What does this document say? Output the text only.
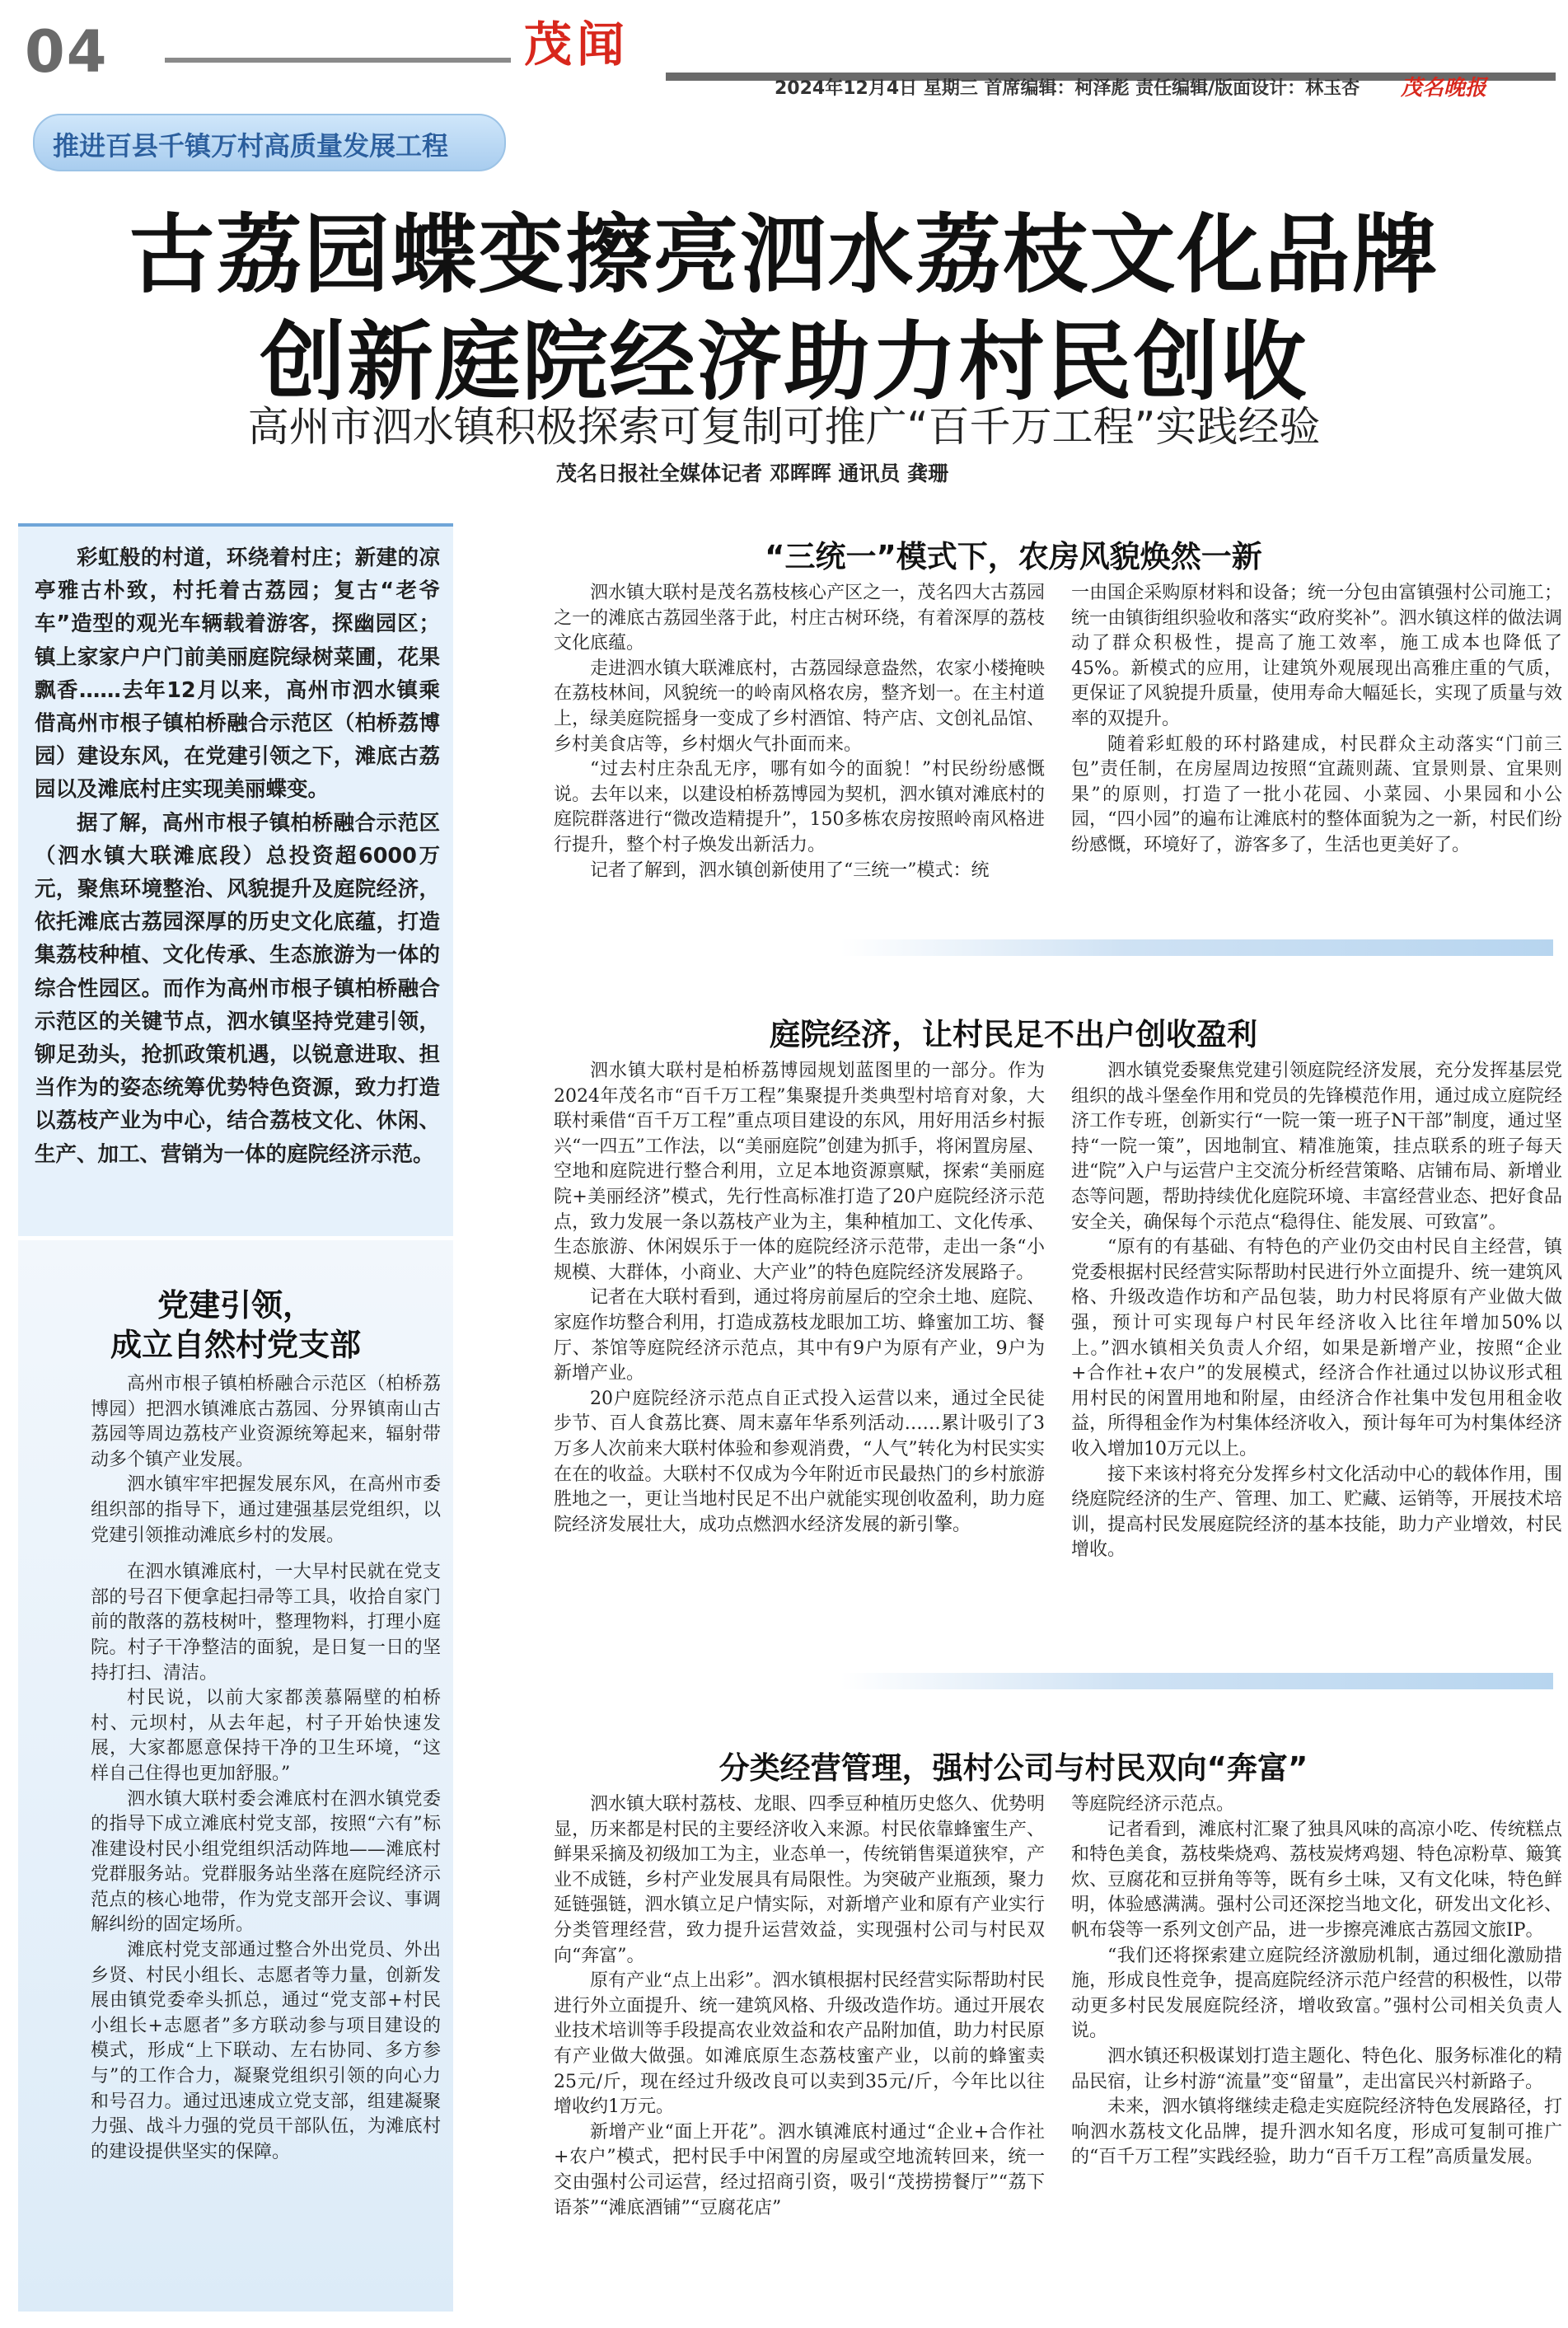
04	茂闻
2024年12月4日 星期三 首席编辑：柯泽彪 责任编辑/版面设计：林玉杏 茂名晚报
推进百县千镇万村高质量发展工程
古荔园蝶变擦亮泗水荔枝文化品牌
创新庭院经济助力村民创收
高州市泗水镇积极探索可复制可推广“百千万工程”实践经验
茂名日报社全媒体记者 邓晖晖 通讯员 龚珊

彩虹般的村道，环绕着村庄；新建的凉亭雅古朴致，村托着古荔园；复古“老爷车”造型的观光车辆载着游客，探幽园区；镇上家家户户门前美丽庭院绿树菜圃，花果飘香……去年12月以来，高州市泗水镇乘借高州市根子镇柏桥融合示范区（柏桥荔博园）建设东风，在党建引领之下，滩底古荔园以及滩底村庄实现美丽蝶变。

据了解，高州市根子镇柏桥融合示范区（泗水镇大联滩底段）总投资超6000万元，聚焦环境整治、风貌提升及庭院经济，依托滩底古荔园深厚的历史文化底蕴，打造集荔枝种植、文化传承、生态旅游为一体的综合性园区。而作为高州市根子镇柏桥融合示范区的关键节点，泗水镇坚持党建引领，铆足劲头，抢抓政策机遇，以锐意进取、担当作为的姿态统筹优势特色资源，致力打造以荔枝产业为中心，结合荔枝文化、休闲、生产、加工、营销为一体的庭院经济示范。

党建引领，
成立自然村党支部

高州市根子镇柏桥融合示范区（柏桥荔博园）把泗水镇滩底古荔园、分界镇南山古荔园等周边荔枝产业资源统筹起来，辐射带动多个镇产业发展。

泗水镇牢牢把握发展东风，在高州市委组织部的指导下，通过建强基层党组织，以党建引领推动滩底乡村的发展。

在泗水镇滩底村，一大早村民就在党支部的号召下便拿起扫帚等工具，收拾自家门前的散落的荔枝树叶，整理物料，打理小庭院。村子干净整洁的面貌，是日复一日的坚持打扫、清洁。

村民说，以前大家都羡慕隔壁的柏桥村、元坝村，从去年起，村子开始快速发展，大家都愿意保持干净的卫生环境，“这样自己住得也更加舒服。”

泗水镇大联村委会滩底村在泗水镇党委的指导下成立滩底村党支部，按照“六有”标准建设村民小组党组织活动阵地——滩底村党群服务站。党群服务站坐落在庭院经济示范点的核心地带，作为党支部开会议、事调解纠纷的固定场所。

滩底村党支部通过整合外出党员、外出乡贤、村民小组长、志愿者等力量，创新发展由镇党委牵头抓总，通过“党支部+村民小组长+志愿者”多方联动参与项目建设的模式，形成“上下联动、左右协同、多方参与”的工作合力，凝聚党组织引领的向心力和号召力。通过迅速成立党支部，组建凝聚力强、战斗力强的党员干部队伍，为滩底村的建设提供坚实的保障。

“三统一”模式下，农房风貌焕然一新

泗水镇大联村是茂名荔枝核心产区之一，茂名四大古荔园之一的滩底古荔园坐落于此，村庄古树环绕，有着深厚的荔枝文化底蕴。

走进泗水镇大联滩底村，古荔园绿意盎然，农家小楼掩映在荔枝林间，风貌统一的岭南风格农房，整齐划一。在主村道上，绿美庭院摇身一变成了乡村酒馆、特产店、文创礼品馆、乡村美食店等，乡村烟火气扑面而来。

“过去村庄杂乱无序，哪有如今的面貌！”村民纷纷感慨说。去年以来，以建设柏桥荔博园为契机，泗水镇对滩底村的庭院群落进行“微改造精提升”，150多栋农房按照岭南风格进行提升，整个村子焕发出新活力。

记者了解到，泗水镇创新使用了“三统一”模式：统

一由国企采购原材料和设备；统一分包由富镇强村公司施工；统一由镇街组织验收和落实“政府奖补”。泗水镇这样的做法调动了群众积极性，提高了施工效率，施工成本也降低了45%。新模式的应用，让建筑外观展现出高雅庄重的气质，更保证了风貌提升质量，使用寿命大幅延长，实现了质量与效率的双提升。

随着彩虹般的环村路建成，村民群众主动落实“门前三包”责任制，在房屋周边按照“宜蔬则蔬、宜景则景、宜果则果”的原则，打造了一批小花园、小菜园、小果园和小公园，“四小园”的遍布让滩底村的整体面貌为之一新，村民们纷纷感慨，环境好了，游客多了，生活也更美好了。

庭院经济，让村民足不出户创收盈利

泗水镇大联村是柏桥荔博园规划蓝图里的一部分。作为2024年茂名市“百千万工程”集聚提升类典型村培育对象，大联村乘借“百千万工程”重点项目建设的东风，用好用活乡村振兴“一四五”工作法，以“美丽庭院”创建为抓手，将闲置房屋、空地和庭院进行整合利用，立足本地资源禀赋，探索“美丽庭院+美丽经济”模式，先行性高标准打造了20户庭院经济示范点，致力发展一条以荔枝产业为主，集种植加工、文化传承、生态旅游、休闲娱乐于一体的庭院经济示范带，走出一条“小规模、大群体，小商业、大产业”的特色庭院经济发展路子。

记者在大联村看到，通过将房前屋后的空余土地、庭院、家庭作坊整合利用，打造成荔枝龙眼加工坊、蜂蜜加工坊、餐厅、茶馆等庭院经济示范点，其中有9户为原有产业，9户为新增产业。

20户庭院经济示范点自正式投入运营以来，通过全民徒步节、百人食荔比赛、周末嘉年华系列活动……累计吸引了3万多人次前来大联村体验和参观消费，“人气”转化为村民实实在在的收益。大联村不仅成为今年附近市民最热门的乡村旅游胜地之一，更让当地村民足不出户就能实现创收盈利，助力庭院经济发展壮大，成功点燃泗水经济发展的新引擎。

泗水镇党委聚焦党建引领庭院经济发展，充分发挥基层党组织的战斗堡垒作用和党员的先锋模范作用，通过成立庭院经济工作专班，创新实行“一院一策一班子N干部”制度，通过坚持“一院一策”，因地制宜、精准施策，挂点联系的班子每天进“院”入户与运营户主交流分析经营策略、店铺布局、新增业态等问题，帮助持续优化庭院环境、丰富经营业态、把好食品安全关，确保每个示范点“稳得住、能发展、可致富”。

“原有的有基础、有特色的产业仍交由村民自主经营，镇党委根据村民经营实际帮助村民进行外立面提升、统一建筑风格、升级改造作坊和产品包装，助力村民将原有产业做大做强，预计可实现每户村民年经济收入比往年增加50%以上。”泗水镇相关负责人介绍，如果是新增产业，按照“企业+合作社+农户”的发展模式，经济合作社通过以协议形式租用村民的闲置用地和附屋，由经济合作社集中发包用租金收益，所得租金作为村集体经济收入，预计每年可为村集体经济收入增加10万元以上。

接下来该村将充分发挥乡村文化活动中心的载体作用，围绕庭院经济的生产、管理、加工、贮藏、运销等，开展技术培训，提高村民发展庭院经济的基本技能，助力产业增效，村民增收。

分类经营管理，强村公司与村民双向“奔富”

泗水镇大联村荔枝、龙眼、四季豆种植历史悠久、优势明显，历来都是村民的主要经济收入来源。村民依靠蜂蜜生产、鲜果采摘及初级加工为主，业态单一，传统销售渠道狭窄，产业不成链，乡村产业发展具有局限性。为突破产业瓶颈，聚力延链强链，泗水镇立足户情实际，对新增产业和原有产业实行分类管理经营，致力提升运营效益，实现强村公司与村民双向“奔富”。

原有产业“点上出彩”。泗水镇根据村民经营实际帮助村民进行外立面提升、统一建筑风格、升级改造作坊。通过开展农业技术培训等手段提高农业效益和农产品附加值，助力村民原有产业做大做强。如滩底原生态荔枝蜜产业，以前的蜂蜜卖25元/斤，现在经过升级改良可以卖到35元/斤，今年比以往增收约1万元。

新增产业“面上开花”。泗水镇滩底村通过“企业+合作社+农户”模式，把村民手中闲置的房屋或空地流转回来，统一交由强村公司运营，经过招商引资，吸引“茂捞捞餐厅”“荔下语茶”“滩底酒铺”“豆腐花店”

等庭院经济示范点。

记者看到，滩底村汇聚了独具风味的高凉小吃、传统糕点和特色美食，荔枝柴烧鸡、荔枝炭烤鸡翅、特色凉粉草、簸箕炊、豆腐花和豆拼角等等，既有乡土味，又有文化味，特色鲜明，体验感满满。强村公司还深挖当地文化，研发出文化衫、帆布袋等一系列文创产品，进一步擦亮滩底古荔园文旅IP。

“我们还将探索建立庭院经济激励机制，通过细化激励措施，形成良性竞争，提高庭院经济示范户经营的积极性，以带动更多村民发展庭院经济，增收致富。”强村公司相关负责人说。

泗水镇还积极谋划打造主题化、特色化、服务标准化的精品民宿，让乡村游“流量”变“留量”，走出富民兴村新路子。

未来，泗水镇将继续走稳走实庭院经济特色发展路径，打响泗水荔枝文化品牌，提升泗水知名度，形成可复制可推广的“百千万工程”实践经验，助力“百千万工程”高质量发展。
